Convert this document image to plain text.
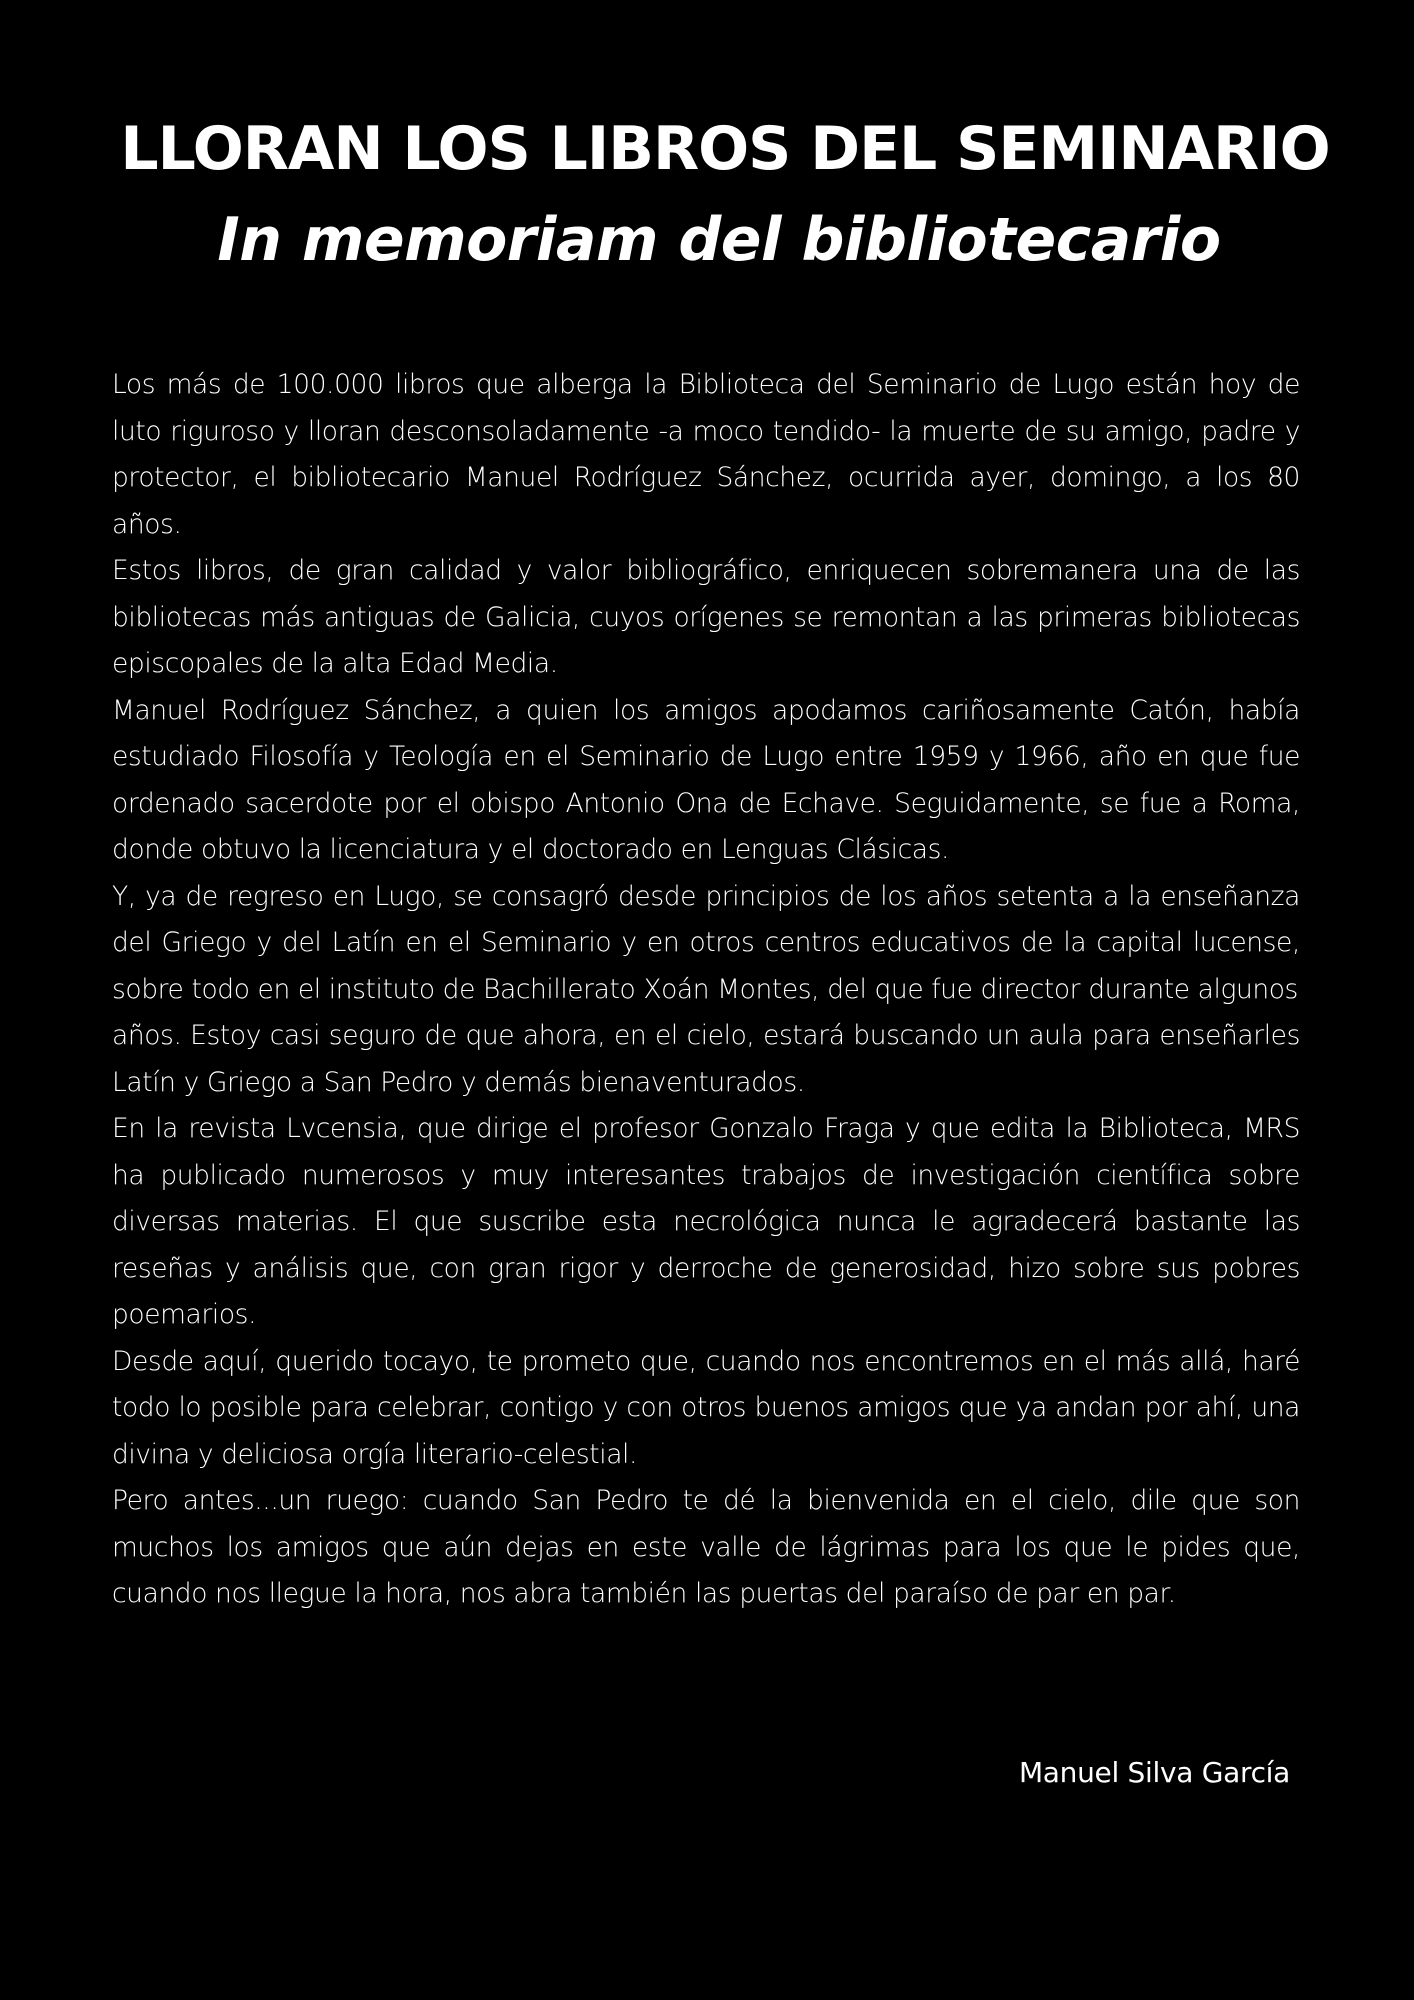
LLORAN LOS LIBROS DEL SEMINARIO
In memoriam del bibliotecario

Los más de 100.000 libros que alberga la Biblioteca del Seminario de Lugo están hoy de luto riguroso y lloran desconsoladamente -a moco tendido- la muerte de su amigo, padre y protector, el bibliotecario Manuel Rodríguez Sánchez, ocurrida ayer, domingo, a los 80 años.

Estos libros, de gran calidad y valor bibliográfico, enriquecen sobremanera una de las bibliotecas más antiguas de Galicia, cuyos orígenes se remontan a las primeras bibliotecas episcopales de la alta Edad Media.

Manuel Rodríguez Sánchez, a quien los amigos apodamos cariñosamente Catón, había estudiado Filosofía y Teología en el Seminario de Lugo entre 1959 y 1966, año en que fue ordenado sacerdote por el obispo Antonio Ona de Echave. Seguidamente, se fue a Roma, donde obtuvo la licenciatura y el doctorado en Lenguas Clásicas.

Y, ya de regreso en Lugo, se consagró desde principios de los años setenta a la enseñanza del Griego y del Latín en el Seminario y en otros centros educativos de la capital lucense, sobre todo en el instituto de Bachillerato Xoán Montes, del que fue director durante algunos

años. Estoy casi seguro de que ahora, en el cielo, estará buscando un aula para enseñarles Latín y Griego a San Pedro y demás bienaventurados.

En la revista Lvcensia, que dirige el profesor Gonzalo Fraga y que edita la Biblioteca, MRS ha publicado numerosos y muy interesantes trabajos de investigación científica sobre diversas materias. El que suscribe esta necrológica nunca le agradecerá bastante las reseñas y análisis que, con gran rigor y derroche de generosidad, hizo sobre sus pobres poemarios.

Desde aquí, querido tocayo, te prometo que, cuando nos encontremos en el más allá, haré todo lo posible para celebrar, contigo y con otros buenos amigos que ya andan por ahí, una divina y deliciosa orgía literario-celestial.

Pero antes...un ruego: cuando San Pedro te dé la bienvenida en el cielo, dile que son muchos los amigos que aún dejas en este valle de lágrimas para los que le pides que, cuando nos llegue la hora, nos abra también las puertas del paraíso de par en par.

Manuel Silva García
